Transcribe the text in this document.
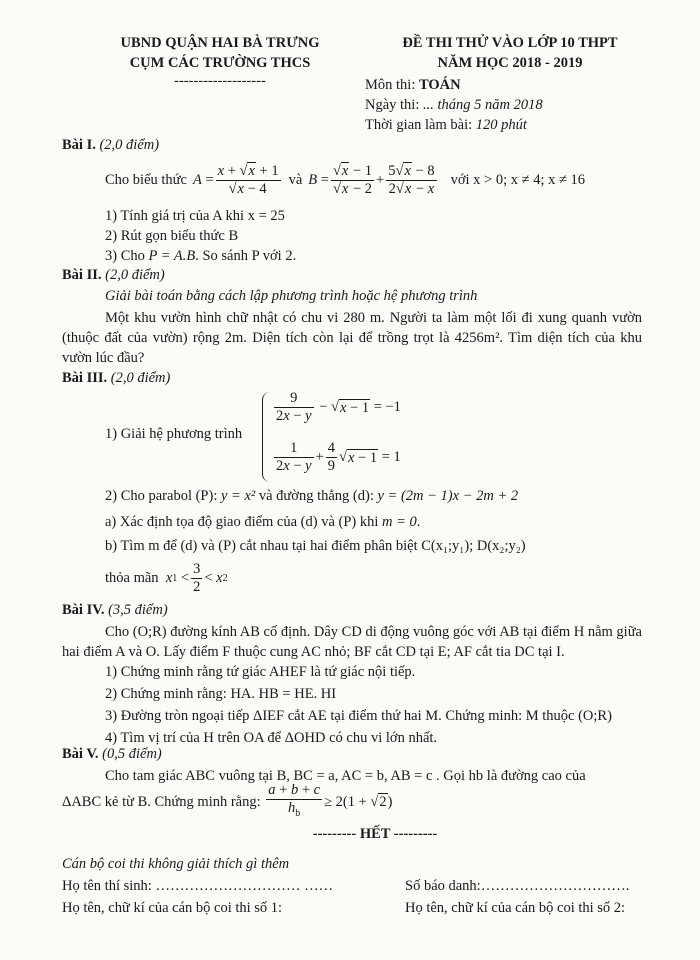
UBND QUẬN HAI BÀ TRƯNG
CỤM CÁC TRƯỜNG THCS
-------------------
ĐỀ THI THỬ VÀO LỚP 10 THPT
NĂM HỌC 2018 - 2019
Môn thi: TOÁN
Ngày thi: ... tháng 5 năm 2018
Thời gian làm bài: 120 phút
Bài I. (2,0 điểm)
Cho biểu thức A =
x + √x + 1
√x − 4
và B =
√x − 1
√x − 2
+
5√x − 8
2√x − x
với x > 0; x ≠ 4; x ≠ 16
1) Tính giá trị của A khi x = 25
2) Rút gọn biểu thức B
3) Cho P = A.B. So sánh P với 2.
Bài II. (2,0 điểm)
Giải bài toán bằng cách lập phương trình hoặc hệ phương trình
Một khu vườn hình chữ nhật có chu vi 280 m. Người ta làm một lối đi xung quanh vườn (thuộc đất của vườn) rộng 2m. Diện tích còn lại để trồng trọt là 4256m². Tìm diện tích của khu vườn lúc đầu?
Bài III. (2,0 điểm)
1) Giải hệ phương trình
9
2x − y
− √ x − 1 = −1
1
2x − y
+
4
9
√ x − 1 = 1
2) Cho parabol (P): y = x² và đường thẳng (d): y = (2m − 1)x − 2m + 2
a) Xác định tọa độ giao điểm của (d) và (P) khi m = 0.
b) Tìm m để (d) và (P) cắt nhau tại hai điểm phân biệt C(x₁;y₁); D(x₂;y₂)
thỏa mãn
x 1 <
3
2
< x 2
Bài IV. (3,5 điểm)
Cho (O;R) đường kính AB cố định. Dây CD di động vuông góc với AB tại điểm H nằm giữa hai điểm A và O. Lấy điểm F thuộc cung AC nhỏ; BF cắt CD tại E; AF cắt tia DC tại I.
1) Chứng minh rằng tứ giác AHEF là tứ giác nội tiếp.
2) Chứng minh rằng: HA. HB = HE. HI
3) Đường tròn ngoại tiếp ΔIEF cắt AE tại điểm thứ hai M. Chứng minh: M thuộc (O;R)
4) Tìm vị trí của H trên OA để ΔOHD có chu vi lớn nhất.
Bài V. (0,5 điểm)
Cho tam giác ABC vuông tại B, BC = a, AC = b, AB = c . Gọi hb là đường cao của
ΔABC kẻ từ B. Chứng minh rằng:

a + b + c
$h_b$
≥ 2(1 + √ 2 )
--------- HẾT ---------
Cán bộ coi thi không giải thích gì thêm
Họ tên thí sinh: ………………………… ……	Số báo danh:………………………….
Họ tên, chữ kí của cán bộ coi thi số 1:	Họ tên, chữ kí của cán bộ coi thi số 2:
